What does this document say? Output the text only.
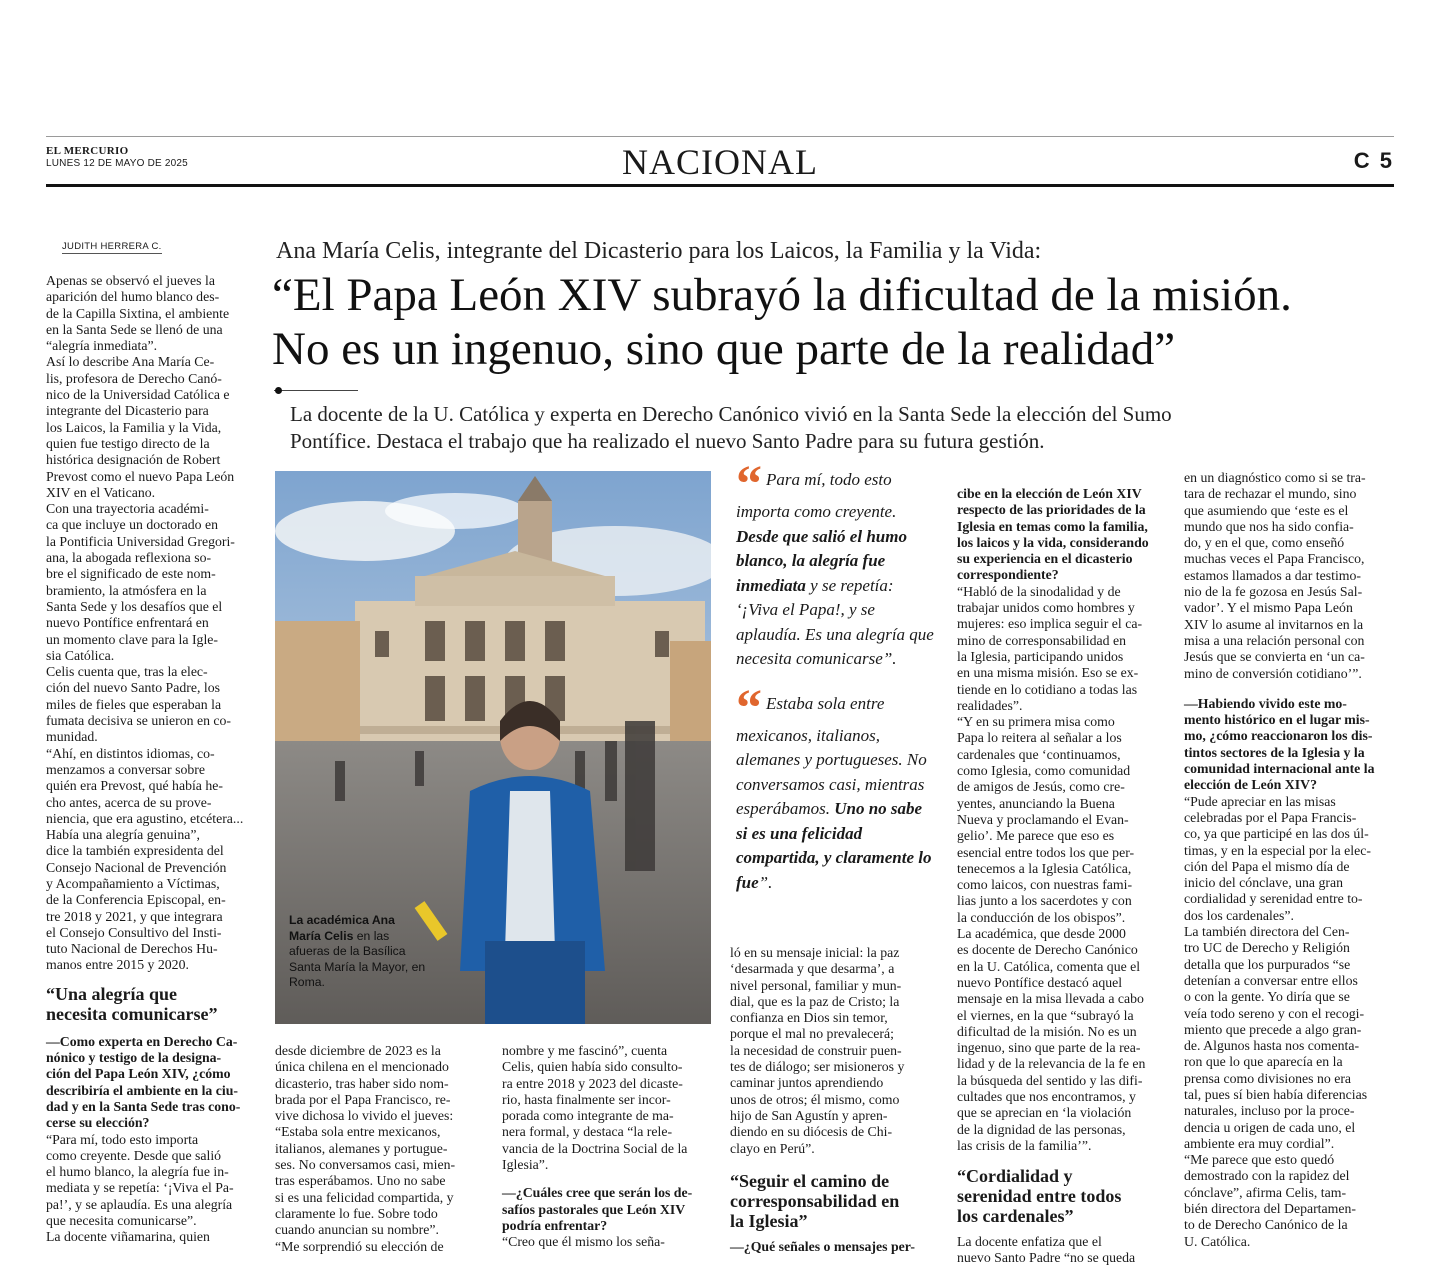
EL MERCURIO
LUNES 12 DE MAYO DE 2025	NACIONAL	C 5
JUDITH HERRERA C.	Ana María Celis, integrante del Dicasterio para los Laicos, la Familia y la Vida:
“El Papa León XIV subrayó la dificultad de la misión.
No es un ingenuo, sino que parte de la realidad”
La docente de la U. Católica y experta en Derecho Canónico vivió en la Santa Sede la elección del Sumo
Pontífice. Destaca el trabajo que ha realizado el nuevo Santo Padre para su futura gestión.
Apenas se observó el jueves la
aparición del humo blanco des-
de la Capilla Sixtina, el ambiente
en la Santa Sede se llenó de una
“alegría inmediata”.
Así lo describe Ana María Ce-
lis, profesora de Derecho Canó-
nico de la Universidad Católica e
integrante del Dicasterio para
los Laicos, la Familia y la Vida,
quien fue testigo directo de la
histórica designación de Robert
Prevost como el nuevo Papa León
XIV en el Vaticano.
Con una trayectoria académi-
ca que incluye un doctorado en
la Pontificia Universidad Gregori-
ana, la abogada reflexiona so-
bre el significado de este nom-
bramiento, la atmósfera en la
Santa Sede y los desafíos que el
nuevo Pontífice enfrentará en
un momento clave para la Igle-
sia Católica.
Celis cuenta que, tras la elec-
ción del nuevo Santo Padre, los
miles de fieles que esperaban la
fumata decisiva se unieron en co-
munidad.
“Ahí, en distintos idiomas, co-
menzamos a conversar sobre
quién era Prevost, qué había he-
cho antes, acerca de su prove-
niencia, que era agustino, etcétera...
Había una alegría genuina”,
dice la también expresidenta del
Consejo Nacional de Prevención
y Acompañamiento a Víctimas,
de la Conferencia Episcopal, en-
tre 2018 y 2021, y que integrara
el Consejo Consultivo del Insti-
tuto Nacional de Derechos Hu-
manos entre 2015 y 2020.
“Una alegría que
necesita comunicarse”
—Como experta en Derecho Ca-
nónico y testigo de la designa-
ción del Papa León XIV, ¿cómo
describiría el ambiente en la ciu-
dad y en la Santa Sede tras cono-
cerse su elección?
“Para mí, todo esto importa
como creyente. Desde que salió
el humo blanco, la alegría fue in-
mediata y se repetía: ‘¡Viva el Pa-
pa!’, y se aplaudía. Es una alegría
que necesita comunicarse”.
La docente viñamarina, quien
La académica Ana María Celis en las afueras de la Basílica Santa María la Mayor, en Roma.
desde diciembre de 2023 es la
única chilena en el mencionado
dicasterio, tras haber sido nom-
brada por el Papa Francisco, re-
vive dichosa lo vivido el jueves:
“Estaba sola entre mexicanos,
italianos, alemanes y portugue-
ses. No conversamos casi, mien-
tras esperábamos. Uno no sabe
si es una felicidad compartida, y
claramente lo fue. Sobre todo
cuando anuncian su nombre”.
“Me sorprendió su elección de
nombre y me fascinó”, cuenta
Celis, quien había sido consulto-
ra entre 2018 y 2023 del dicaste-
rio, hasta finalmente ser incor-
porada como integrante de ma-
nera formal, y destaca “la rele-
vancia de la Doctrina Social de la
Iglesia”.
—¿Cuáles cree que serán los de-
safíos pastorales que León XIV
podría enfrentar?
“Creo que él mismo los seña-
“ Para mí, todo esto importa como creyente. Desde que salió el humo blanco, la alegría fue inmediata y se repetía: ‘¡Viva el Papa!, y se aplaudía. Es una alegría que necesita comunicarse”.
“ Estaba sola entre mexicanos, italianos, alemanes y portugueses. No conversamos casi, mientras esperábamos. Uno no sabe si es una felicidad compartida, y claramente lo fue”.
ló en su mensaje inicial: la paz
‘desarmada y que desarma’, a
nivel personal, familiar y mun-
dial, que es la paz de Cristo; la
confianza en Dios sin temor,
porque el mal no prevalecerá;
la necesidad de construir puen-
tes de diálogo; ser misioneros y
caminar juntos aprendiendo
unos de otros; él mismo, como
hijo de San Agustín y apren-
diendo en su diócesis de Chi-
clayo en Perú”.
“Seguir el camino de
corresponsabilidad en
la Iglesia”
—¿Qué señales o mensajes per-
cibe en la elección de León XIV
respecto de las prioridades de la
Iglesia en temas como la familia,
los laicos y la vida, considerando
su experiencia en el dicasterio
correspondiente?
“Habló de la sinodalidad y de
trabajar unidos como hombres y
mujeres: eso implica seguir el ca-
mino de corresponsabilidad en
la Iglesia, participando unidos
en una misma misión. Eso se ex-
tiende en lo cotidiano a todas las
realidades”.
“Y en su primera misa como
Papa lo reitera al señalar a los
cardenales que ‘continuamos,
como Iglesia, como comunidad
de amigos de Jesús, como cre-
yentes, anunciando la Buena
Nueva y proclamando el Evan-
gelio’. Me parece que eso es
esencial entre todos los que per-
tenecemos a la Iglesia Católica,
como laicos, con nuestras fami-
lias junto a los sacerdotes y con
la conducción de los obispos”.
La académica, que desde 2000
es docente de Derecho Canónico
en la U. Católica, comenta que el
nuevo Pontífice destacó aquel
mensaje en la misa llevada a cabo
el viernes, en la que “subrayó la
dificultad de la misión. No es un
ingenuo, sino que parte de la rea-
lidad y de la relevancia de la fe en
la búsqueda del sentido y las difi-
cultades que nos encontramos, y
que se aprecian en ‘la violación
de la dignidad de las personas,
las crisis de la familia’”.
“Cordialidad y
serenidad entre todos
los cardenales”
La docente enfatiza que el
nuevo Santo Padre “no se queda
en un diagnóstico como si se tra-
tara de rechazar el mundo, sino
que asumiendo que ‘este es el
mundo que nos ha sido confia-
do, y en el que, como enseñó
muchas veces el Papa Francisco,
estamos llamados a dar testimo-
nio de la fe gozosa en Jesús Sal-
vador’. Y el mismo Papa León
XIV lo asume al invitarnos en la
misa a una relación personal con
Jesús que se convierta en ‘un ca-
mino de conversión cotidiano’”.
—Habiendo vivido este mo-
mento histórico en el lugar mis-
mo, ¿cómo reaccionaron los dis-
tintos sectores de la Iglesia y la
comunidad internacional ante la
elección de León XIV?
“Pude apreciar en las misas
celebradas por el Papa Francis-
co, ya que participé en las dos úl-
timas, y en la especial por la elec-
ción del Papa el mismo día de
inicio del cónclave, una gran
cordialidad y serenidad entre to-
dos los cardenales”.
La también directora del Cen-
tro UC de Derecho y Religión
detalla que los purpurados “se
detenían a conversar entre ellos
o con la gente. Yo diría que se
veía todo sereno y con el recogi-
miento que precede a algo gran-
de. Algunos hasta nos comenta-
ron que lo que aparecía en la
prensa como divisiones no era
tal, pues sí bien había diferencias
naturales, incluso por la proce-
dencia u origen de cada uno, el
ambiente era muy cordial”.
“Me parece que esto quedó
demostrado con la rapidez del
cónclave”, afirma Celis, tam-
bién directora del Departamen-
to de Derecho Canónico de la
U. Católica.
